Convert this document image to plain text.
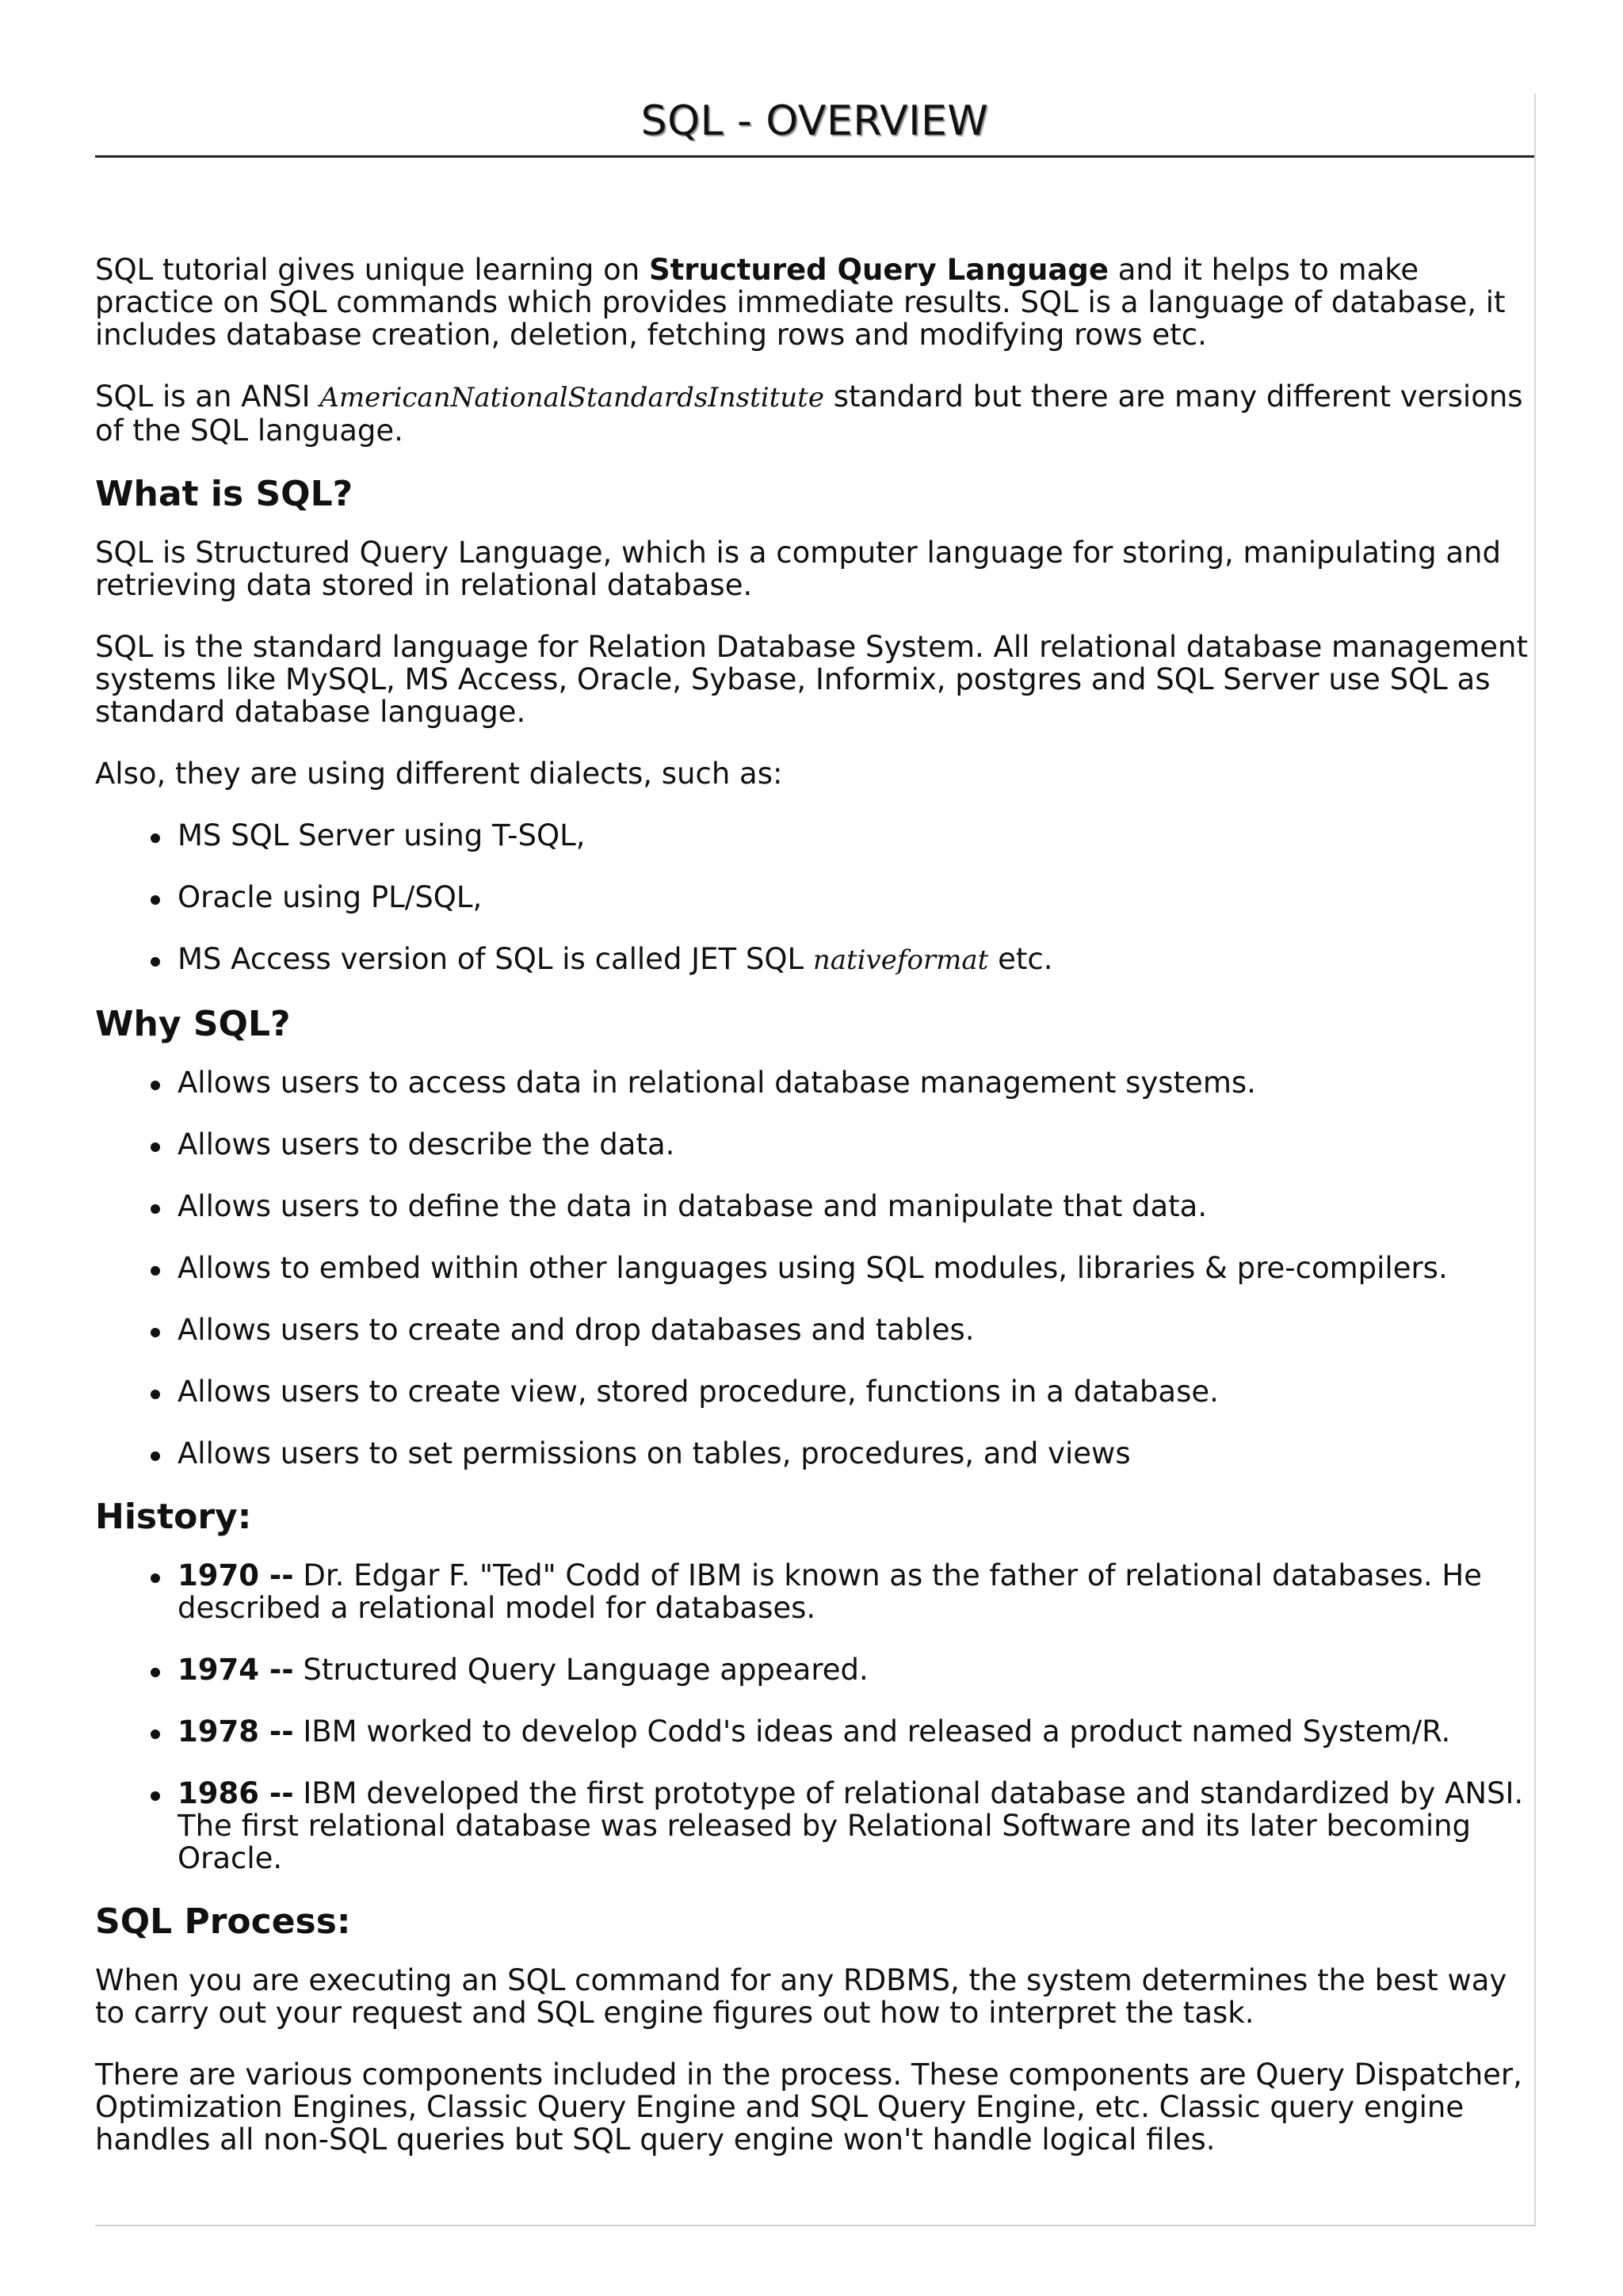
SQL - OVERVIEW

SQL tutorial gives unique learning on Structured Query Language and it helps to make practice on SQL commands which provides immediate results. SQL is a language of database, it includes database creation, deletion, fetching rows and modifying rows etc.

SQL is an ANSI AmericanNationalStandardsInstitute standard but there are many different versions of the SQL language.

What is SQL?

SQL is Structured Query Language, which is a computer language for storing, manipulating and retrieving data stored in relational database.

SQL is the standard language for Relation Database System. All relational database management systems like MySQL, MS Access, Oracle, Sybase, Informix, postgres and SQL Server use SQL as standard database language.

Also, they are using different dialects, such as:

MS SQL Server using T-SQL,
Oracle using PL/SQL,
MS Access version of SQL is called JET SQL nativeformat etc.
Why SQL?
Allows users to access data in relational database management systems.
Allows users to describe the data.
Allows users to define the data in database and manipulate that data.
Allows to embed within other languages using SQL modules, libraries & pre-compilers.
Allows users to create and drop databases and tables.
Allows users to create view, stored procedure, functions in a database.
Allows users to set permissions on tables, procedures, and views
History:
1970 -- Dr. Edgar F. "Ted" Codd of IBM is known as the father of relational databases. He described a relational model for databases.
1974 -- Structured Query Language appeared.
1978 -- IBM worked to develop Codd's ideas and released a product named System/R.
1986 -- IBM developed the first prototype of relational database and standardized by ANSI. The first relational database was released by Relational Software and its later becoming Oracle.
SQL Process:

When you are executing an SQL command for any RDBMS, the system determines the best way to carry out your request and SQL engine figures out how to interpret the task.

There are various components included in the process. These components are Query Dispatcher, Optimization Engines, Classic Query Engine and SQL Query Engine, etc. Classic query engine handles all non-SQL queries but SQL query engine won't handle logical files.
